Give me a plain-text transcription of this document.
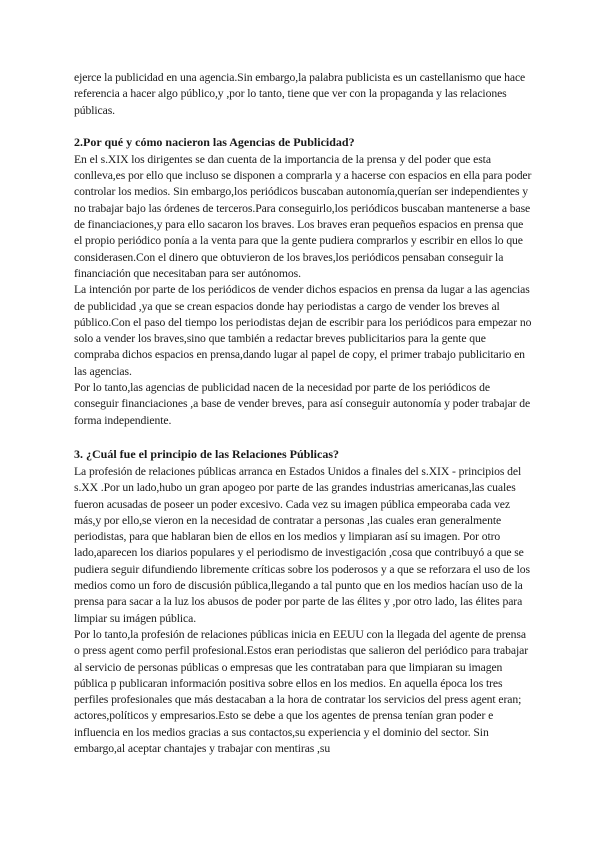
ejerce la publicidad en una agencia.Sin embargo,la palabra publicista es un castellanismo que hace referencia a hacer algo público,y ,por lo tanto, tiene que ver con la propaganda y las relaciones públicas.

2.Por qué y cómo nacieron las Agencias de Publicidad?

En el s.XIX los dirigentes se dan cuenta de la importancia de la prensa y del poder que esta conlleva,es por ello que incluso se disponen a comprarla y a hacerse con espacios en ella para poder controlar los medios. Sin embargo,los periódicos buscaban autonomía,querían ser independientes y no trabajar bajo las órdenes de terceros.Para conseguirlo,los periódicos buscaban mantenerse a base de financiaciones,y para ello sacaron los braves. Los braves eran pequeños espacios en prensa que el propio periódico ponía a la venta para que la gente pudiera comprarlos y escribir en ellos lo que considerasen.Con el dinero que obtuvieron de los braves,los periódicos pensaban conseguir la financiación que necesitaban para ser autónomos.

La intención por parte de los periódicos de vender dichos espacios en prensa da lugar a las agencias de publicidad ,ya que se crean espacios donde hay periodistas a cargo de vender los breves al público.Con el paso del tiempo los periodistas dejan de escribir para los periódicos para empezar no solo a vender los braves,sino que también a redactar breves publicitarios para la gente que compraba dichos espacios en prensa,dando lugar al papel de copy, el primer trabajo publicitario en las agencias.

Por lo tanto,las agencias de publicidad nacen de la necesidad por parte de los periódicos de conseguir financiaciones ,a base de vender breves, para así conseguir autonomía y poder trabajar de forma independiente.

3. ¿Cuál fue el principio de las Relaciones Públicas?

La profesión de relaciones públicas arranca en Estados Unidos a finales del s.XIX - principios del s.XX .Por un lado,hubo un gran apogeo por parte de las grandes industrias americanas,las cuales fueron acusadas de poseer un poder excesivo. Cada vez su imagen pública empeoraba cada vez más,y por ello,se vieron en la necesidad de contratar a personas ,las cuales eran generalmente periodistas, para que hablaran bien de ellos en los medios y limpiaran así su imagen. Por otro lado,aparecen los diarios populares y el periodismo de investigación ,cosa que contribuyó a que se pudiera seguir difundiendo libremente críticas sobre los poderosos y a que se reforzara el uso de los medios como un foro de discusión pública,llegando a tal punto que en los medios hacían uso de la prensa para sacar a la luz los abusos de poder por parte de las élites y ,por otro lado, las élites para limpiar su imágen pública.

Por lo tanto,la profesión de relaciones públicas inicia en EEUU con la llegada del agente de prensa o press agent como perfil profesional.Estos eran periodistas que salieron del periódico para trabajar al servicio de personas públicas o empresas que les contrataban para que limpiaran su imagen pública p publicaran información positiva sobre ellos en los medios. En aquella época los tres perfiles profesionales que más destacaban a la hora de contratar los servicios del press agent eran; actores,políticos y empresarios.Esto se debe a que los agentes de prensa tenían gran poder e influencia en los medios gracias a sus contactos,su experiencia y el dominio del sector. Sin embargo,al aceptar chantajes y trabajar con mentiras ,su
